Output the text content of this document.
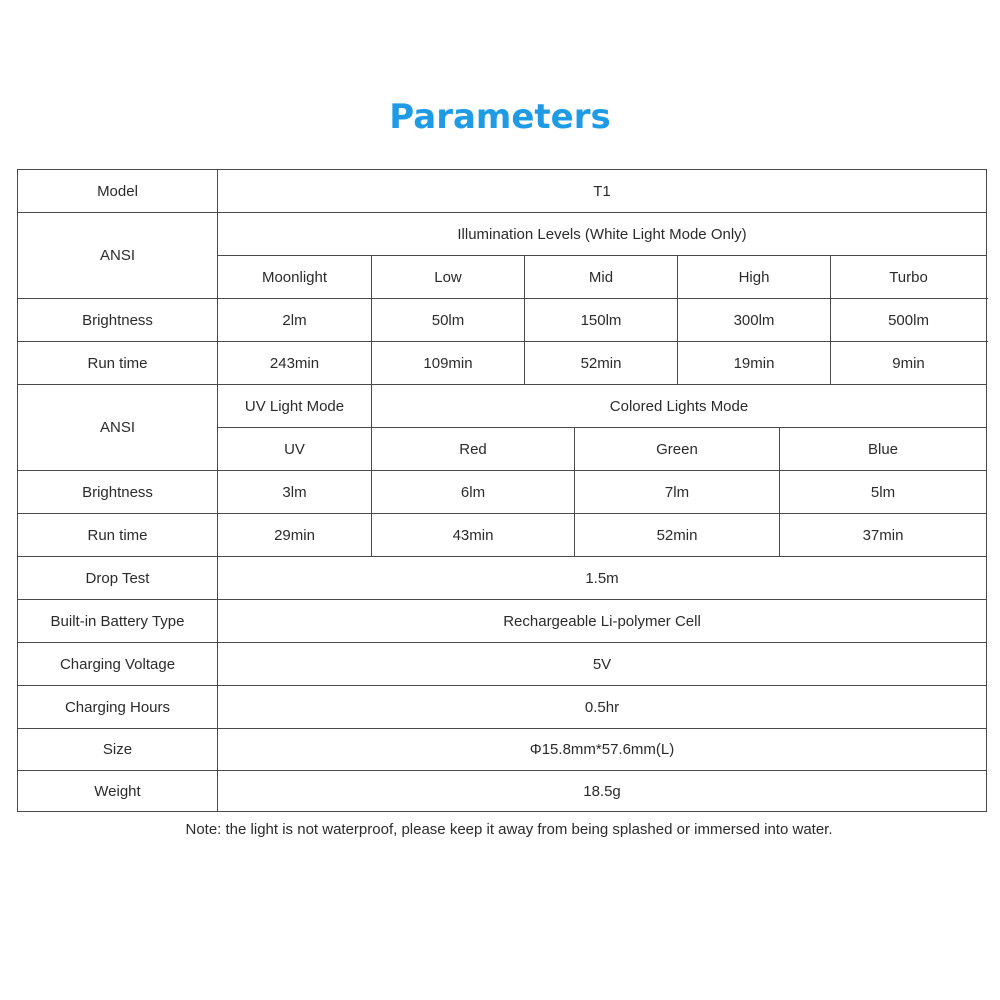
Parameters
Model	T1						
ANSI	Illumination Levels (White Light Mode Only)						
	Moonlight	Low	Mid		High		Turbo
Brightness	2lm	50lm	150lm		300lm		500lm
Run time	243min	109min	52min		19min		9min
ANSI	UV Light Mode	Colored Lights Mode					
	UV	Red		Green		Blue	
Brightness	3lm	6lm		7lm		5lm	
Run time	29min	43min		52min		37min	
Drop Test	1.5m						
Built-in Battery Type	Rechargeable Li-polymer Cell						
Charging Voltage	5V						
Charging Hours	0.5hr						
Size	Φ15.8mm*57.6mm(L)						
Weight	18.5g						
Note: the light is not waterproof, please keep it away from being splashed or immersed into water.
